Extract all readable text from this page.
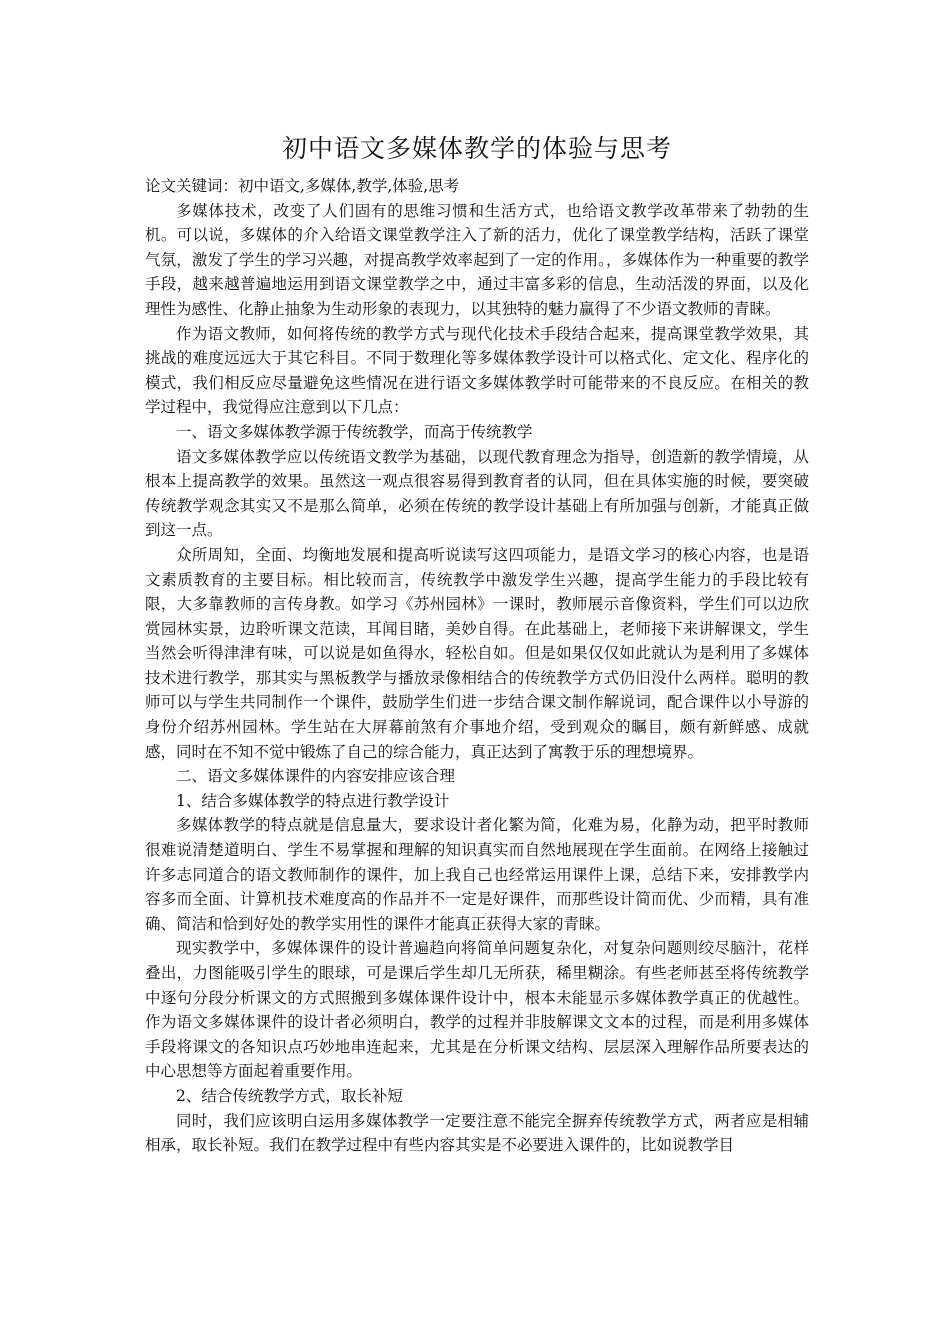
初中语文多媒体教学的体验与思考

论文关键词：初中语文,多媒体,教学,体验,思考

多媒体技术，改变了人们固有的思维习惯和生活方式，也给语文教学改革带来了勃勃的生机。可以说，多媒体的介入给语文课堂教学注入了新的活力，优化了课堂教学结构，活跃了课堂气氛，激发了学生的学习兴趣，对提高教学效率起到了一定的作用。，多媒体作为一种重要的教学手段，越来越普遍地运用到语文课堂教学之中，通过丰富多彩的信息，生动活泼的界面，以及化理性为感性、化静止抽象为生动形象的表现力，以其独特的魅力赢得了不少语文教师的青睐。

作为语文教师，如何将传统的教学方式与现代化技术手段结合起来，提高课堂教学效果，其挑战的难度远远大于其它科目。不同于数理化等多媒体教学设计可以格式化、定文化、程序化的模式，我们相反应尽量避免这些情况在进行语文多媒体教学时可能带来的不良反应。在相关的教学过程中，我觉得应注意到以下几点：

一、语文多媒体教学源于传统教学，而高于传统教学

语文多媒体教学应以传统语文教学为基础，以现代教育理念为指导，创造新的教学情境，从根本上提高教学的效果。虽然这一观点很容易得到教育者的认同，但在具体实施的时候，要突破传统教学观念其实又不是那么简单，必须在传统的教学设计基础上有所加强与创新，才能真正做到这一点。

众所周知，全面、均衡地发展和提高听说读写这四项能力，是语文学习的核心内容，也是语文素质教育的主要目标。相比较而言，传统教学中激发学生兴趣，提高学生能力的手段比较有限，大多靠教师的言传身教。如学习《苏州园林》一课时，教师展示音像资料，学生们可以边欣赏园林实景，边聆听课文范读，耳闻目睹，美妙自得。在此基础上，老师接下来讲解课文，学生当然会听得津津有味，可以说是如鱼得水，轻松自如。但是如果仅仅如此就认为是利用了多媒体技术进行教学，那其实与黑板教学与播放录像相结合的传统教学方式仍旧没什么两样。聪明的教师可以与学生共同制作一个课件，鼓励学生们进一步结合课文制作解说词，配合课件以小导游的身份介绍苏州园林。学生站在大屏幕前煞有介事地介绍，受到观众的瞩目，颇有新鲜感、成就感，同时在不知不觉中锻炼了自己的综合能力，真正达到了寓教于乐的理想境界。

二、语文多媒体课件的内容安排应该合理

1、结合多媒体教学的特点进行教学设计

多媒体教学的特点就是信息量大，要求设计者化繁为简，化难为易，化静为动，把平时教师很难说清楚道明白、学生不易掌握和理解的知识真实而自然地展现在学生面前。在网络上接触过许多志同道合的语文教师制作的课件，加上我自己也经常运用课件上课，总结下来，安排教学内容多而全面、计算机技术难度高的作品并不一定是好课件，而那些设计简而优、少而精，具有准确、简洁和恰到好处的教学实用性的课件才能真正获得大家的青睐。

现实教学中，多媒体课件的设计普遍趋向将简单问题复杂化，对复杂问题则绞尽脑汁，花样叠出，力图能吸引学生的眼球，可是课后学生却几无所获，稀里糊涂。有些老师甚至将传统教学中逐句分段分析课文的方式照搬到多媒体课件设计中，根本未能显示多媒体教学真正的优越性。作为语文多媒体课件的设计者必须明白，教学的过程并非肢解课文文本的过程，而是利用多媒体手段将课文的各知识点巧妙地串连起来，尤其是在分析课文结构、层层深入理解作品所要表达的中心思想等方面起着重要作用。

2、结合传统教学方式，取长补短

同时，我们应该明白运用多媒体教学一定要注意不能完全摒弃传统教学方式，两者应是相辅相承，取长补短。我们在教学过程中有些内容其实是不必要进入课件的，比如说教学目
